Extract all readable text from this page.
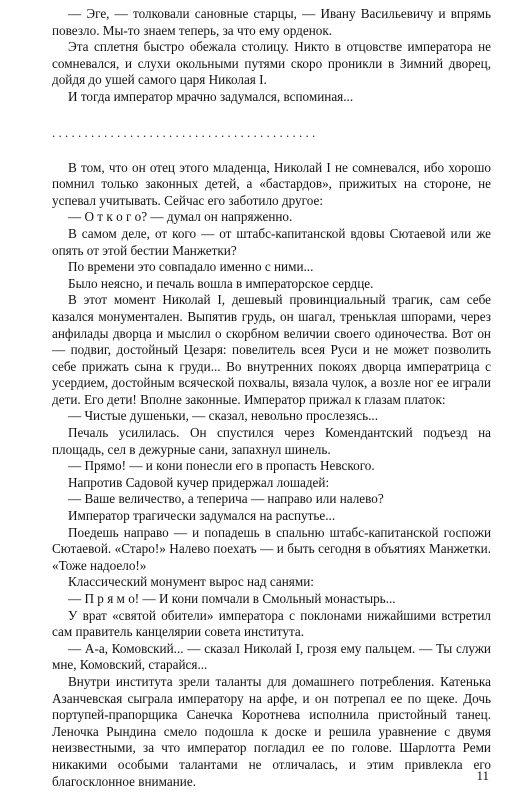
— Эге, — толковали сановные старцы, — Ивану Васильевичу и впрямь повезло. Мы-то знаем теперь, за что ему орденок.

Эта сплетня быстро обежала столицу. Никто в отцовстве императора не сомневался, и слухи окольными путями скоро проникли в Зимний дворец, дойдя до ушей самого царя Николая I.

И тогда император мрачно задумался, вспоминая...

. . . . . . . . . . . . . . . . . . . . . . . . . . . . . . . . . . . . . . . . .

В том, что он отец этого младенца, Николай I не сомневался, ибо хорошо помнил только законных детей, а «бастардов», прижитых на стороне, не успевал учитывать. Сейчас его заботило другое:

— О т к о г о? — думал он напряженно.

В самом деле, от кого — от штабс-капитанской вдовы Сютаевой или же опять от этой бестии Манжетки?

По времени это совпадало именно с ними...

Было неясно, и печаль вошла в императорское сердце.

В этот момент Николай I, дешевый провинциальный трагик, сам себе казался монументален. Выпятив грудь, он шагал, треньклая шпорами, через анфилады дворца и мыслил о скорбном величии своего одиночества. Вот он — подвиг, достойный Цезаря: повелитель всея Руси и не может позволить себе прижать сына к груди... Во внутренних покоях дворца императрица с усердием, достойным всяческой похвалы, вязала чулок, а возле ног ее играли дети. Его дети! Вполне законные. Император прижал к глазам платок:

— Чистые душеньки, — сказал, невольно прослезясь...

Печаль усилилась. Он спустился через Комендантский подъезд на площадь, сел в дежурные сани, запахнул шинель.

— Прямо! — и кони понесли его в пропасть Невского.

Напротив Садовой кучер придержал лошадей:

— Ваше величество, а теперича — направо или налево?

Император трагически задумался на распутье...

Поедешь направо — и попадешь в спальню штабс-капитанской госпожи Сютаевой. «Старо!» Налево поехать — и быть сегодня в объятиях Манжетки. «Тоже надоело!»

Классический монумент вырос над санями:

— П р я м о! — И кони помчали в Смольный монастырь...

У врат «святой обители» императора с поклонами нижайшими встретил сам правитель канцелярии совета института.

— А-а, Комовский... — сказал Николай I, грозя ему пальцем. — Ты служи мне, Комовский, старайся...

Внутри института зрели таланты для домашнего потребления. Катенька Азанчевская сыграла императору на арфе, и он потрепал ее по щеке. Дочь портупей-прапорщика Санечка Коротнева исполнила пристойный танец. Леночка Рындина смело подошла к доске и решила уравнение с двумя неизвестными, за что император погладил ее по голове. Шарлотта Реми никакими особыми талантами не отличалась, и этим привлекла его благосклонное внимание.	11
